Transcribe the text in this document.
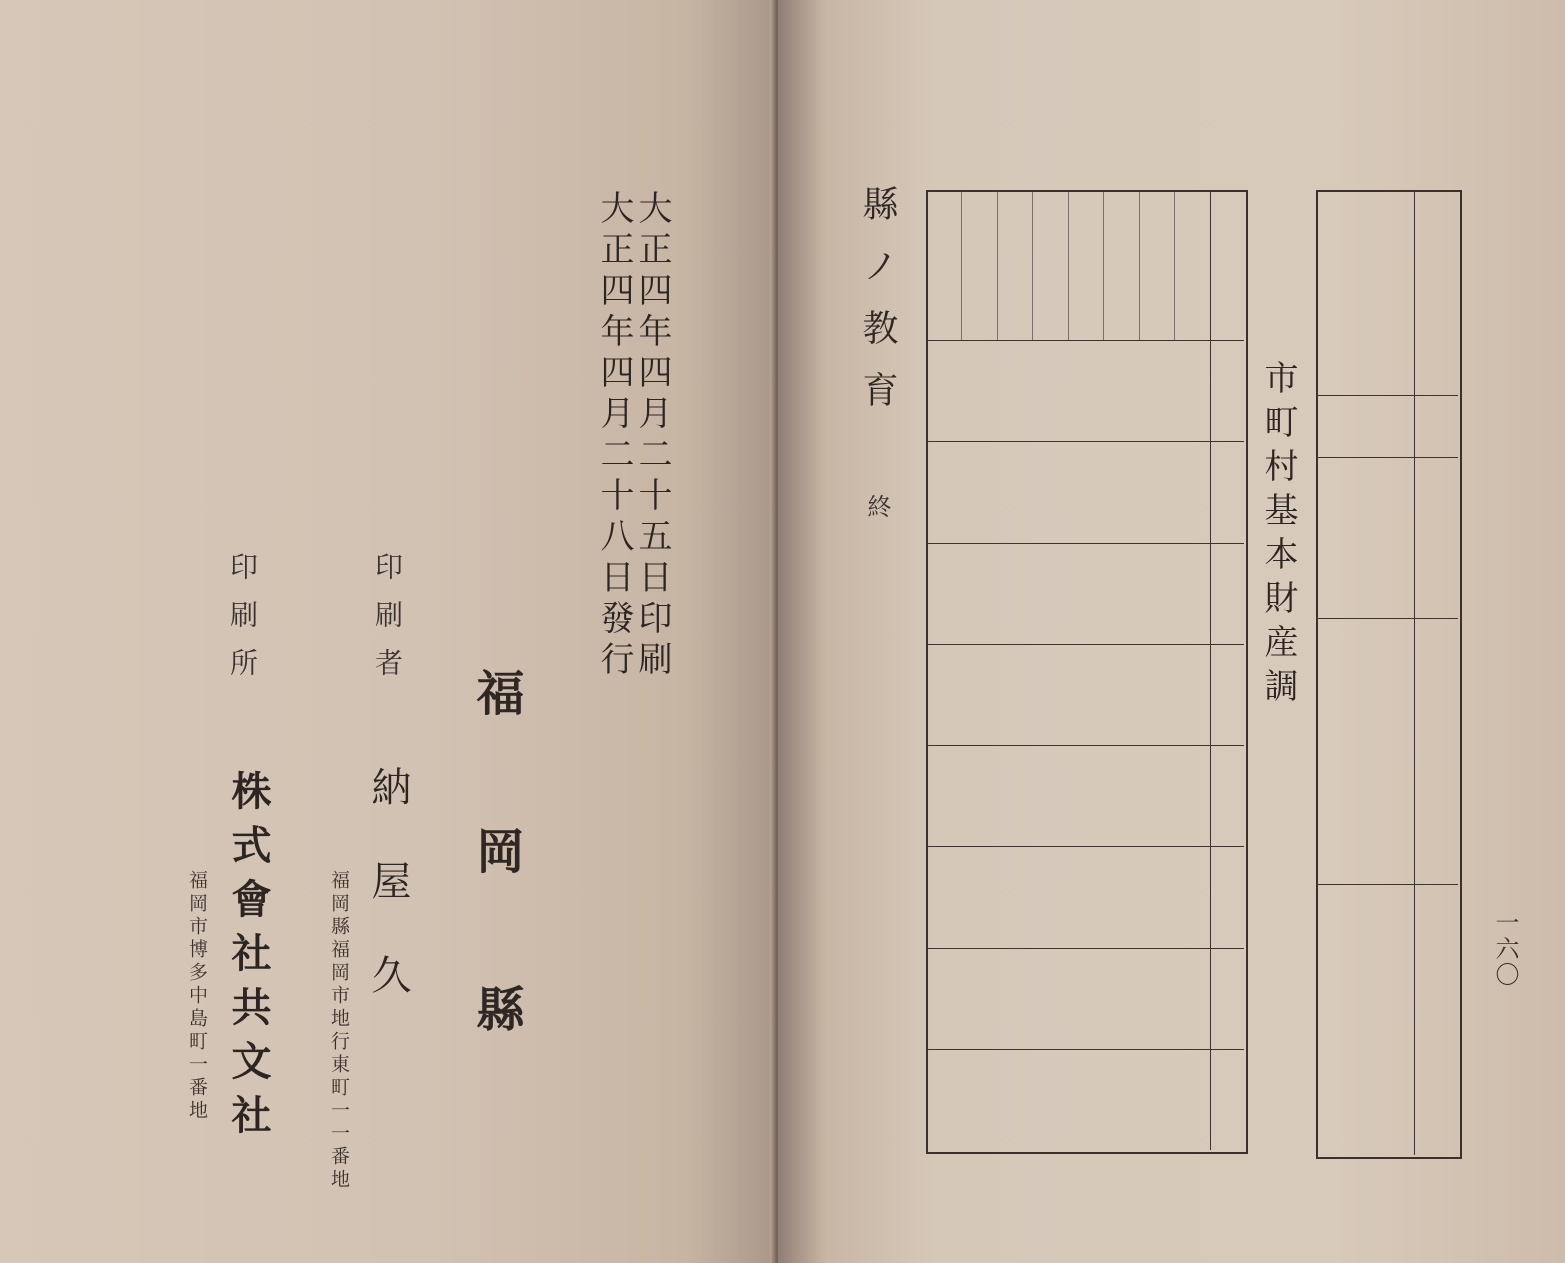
大正四年四月二十五日印刷
大正四年四月二十八日發行
福岡縣
印刷者
納屋久
福岡縣福岡市地行東町一一番地
印刷所
株式會社共文社
福岡市博多中島町一番地
縣ノ教育
終	市町村基本財産調
一六〇
